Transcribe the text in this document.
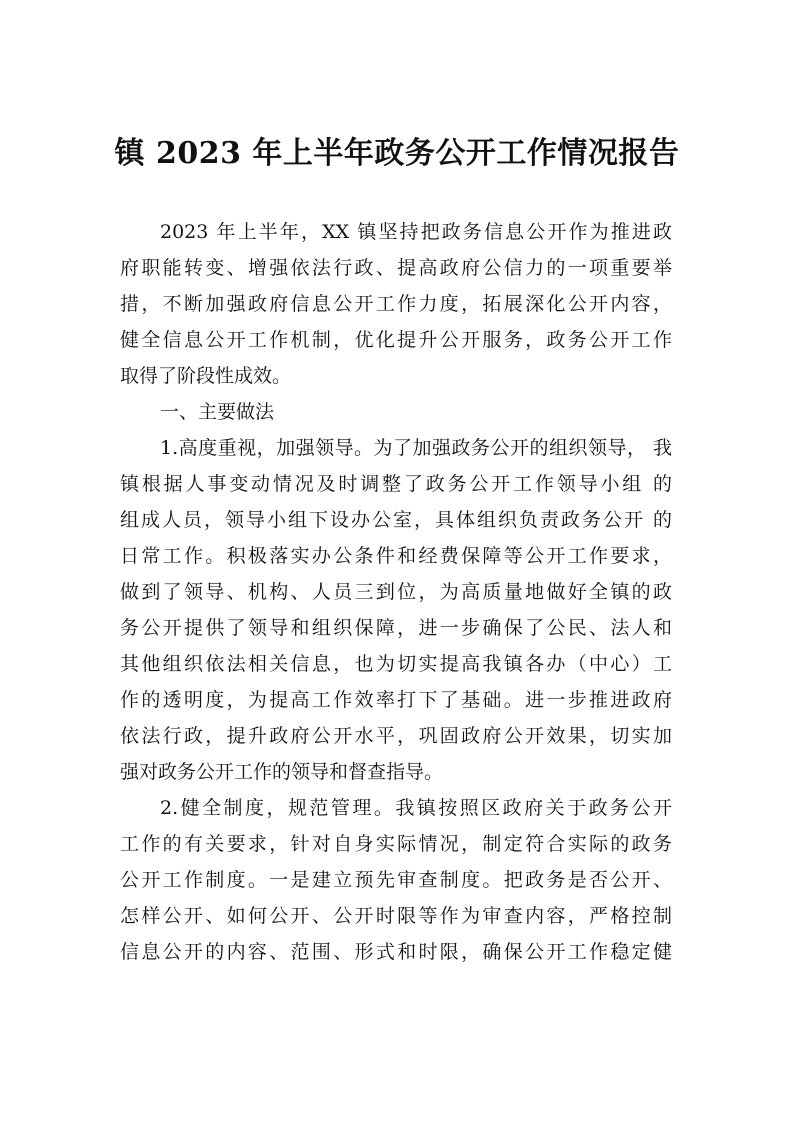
镇 2023 年上半年政务公开工作情况报告
2023 年上半年，XX 镇坚持把政务信息公开作为推进政
府职能转变、增强依法行政、提高政府公信力的一项重要举
措，不断加强政府信息公开工作力度，拓展深化公开内容，
健全信息公开工作机制，优化提升公开服务，政务公开工作
取得了阶段性成效。
一、主要做法
1.高度重视，加强领导。为了加强政务公开的组织领导， 我
镇根据人事变动情况及时调整了政务公开工作领导小组 的
组成人员，领导小组下设办公室，具体组织负责政务公开 的
日常工作。积极落实办公条件和经费保障等公开工作要求，
做到了领导、机构、人员三到位，为高质量地做好全镇的政
务公开提供了领导和组织保障，进一步确保了公民、法人和
其他组织依法相关信息，也为切实提高我镇各办（中心）工
作的透明度，为提高工作效率打下了基础。进一步推进政府
依法行政，提升政府公开水平，巩固政府公开效果，切实加
强对政务公开工作的领导和督查指导。
2.健全制度，规范管理。我镇按照区政府关于政务公开
工作的有关要求，针对自身实际情况，制定符合实际的政务
公开工作制度。一是建立预先审查制度。把政务是否公开、
怎样公开、如何公开、公开时限等作为审查内容，严格控制
信息公开的内容、范围、形式和时限，确保公开工作稳定健
